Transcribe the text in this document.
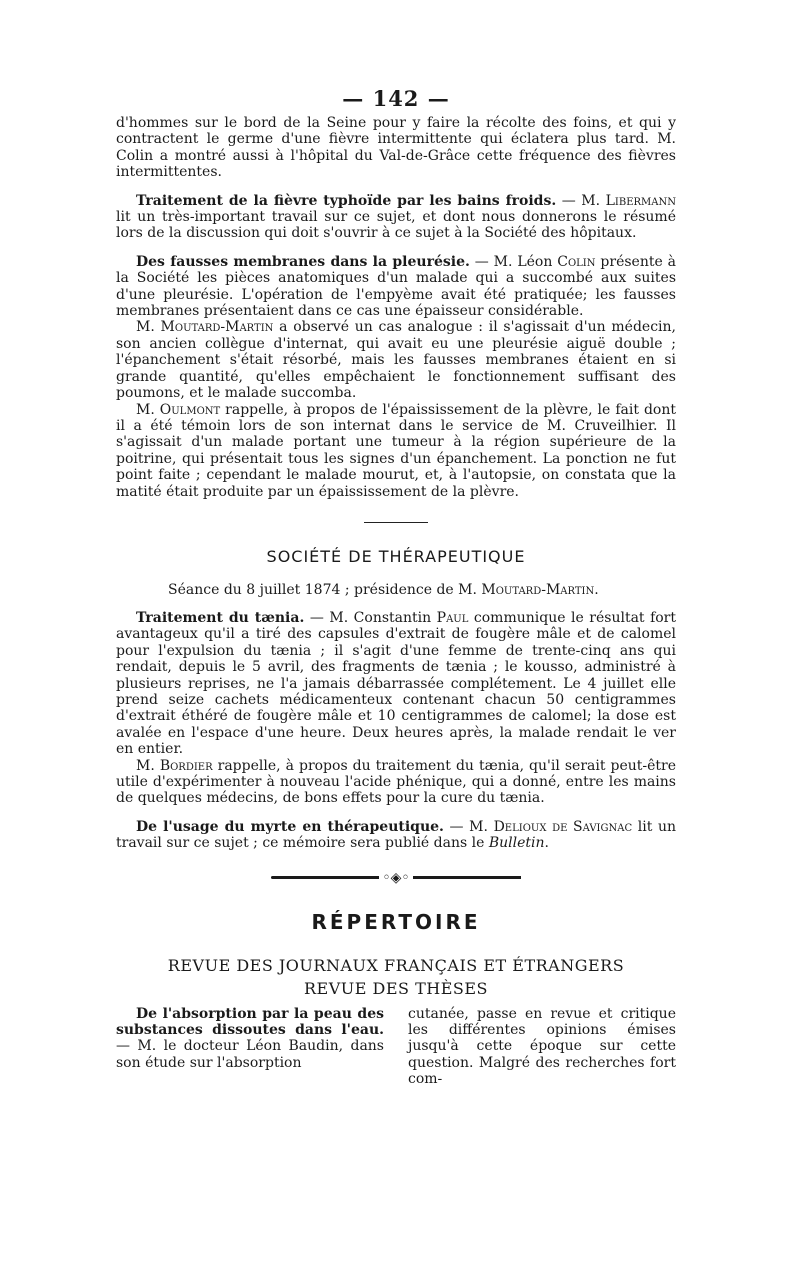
— 142 —

d'hommes sur le bord de la Seine pour y faire la récolte des foins, et qui y contractent le germe d'une fièvre intermittente qui éclatera plus tard. M. Colin a montré aussi à l'hôpital du Val-de-Grâce cette fréquence des fièvres intermittentes.

Traitement de la fièvre typhoïde par les bains froids. — M. Libermann lit un très-important travail sur ce sujet, et dont nous donnerons le résumé lors de la discussion qui doit s'ouvrir à ce sujet à la Société des hôpitaux.

Des fausses membranes dans la pleurésie. — M. Léon Colin présente à la Société les pièces anatomiques d'un malade qui a succombé aux suites d'une pleurésie. L'opération de l'empyème avait été pratiquée; les fausses membranes présentaient dans ce cas une épaisseur considérable.

M. Moutard-Martin a observé un cas analogue : il s'agissait d'un médecin, son ancien collègue d'internat, qui avait eu une pleurésie aiguë double ; l'épanchement s'était résorbé, mais les fausses membranes étaient en si grande quantité, qu'elles empêchaient le fonctionnement suffisant des poumons, et le malade succomba.

M. Oulmont rappelle, à propos de l'épaississement de la plèvre, le fait dont il a été témoin lors de son internat dans le service de M. Cruveilhier. Il s'agissait d'un malade portant une tumeur à la région supérieure de la poitrine, qui présentait tous les signes d'un épanchement. La ponction ne fut point faite ; cependant le malade mourut, et, à l'autopsie, on constata que la matité était produite par un épaississement de la plèvre.

SOCIÉTÉ DE THÉRAPEUTIQUE
Séance du 8 juillet 1874 ; présidence de M. Moutard-Martin.

Traitement du tænia. — M. Constantin Paul communique le résultat fort avantageux qu'il a tiré des capsules d'extrait de fougère mâle et de calomel pour l'expulsion du tænia ; il s'agit d'une femme de trente-cinq ans qui rendait, depuis le 5 avril, des fragments de tænia ; le kousso, administré à plusieurs reprises, ne l'a jamais débarrassée complétement. Le 4 juillet elle prend seize cachets médicamenteux contenant chacun 50 centigrammes d'extrait éthéré de fougère mâle et 10 centigrammes de calomel; la dose est avalée en l'espace d'une heure. Deux heures après, la malade rendait le ver en entier.

M. Bordier rappelle, à propos du traitement du tænia, qu'il serait peut-être utile d'expérimenter à nouveau l'acide phénique, qui a donné, entre les mains de quelques médecins, de bons effets pour la cure du tænia.

De l'usage du myrte en thérapeutique. — M. Delioux de Savignac lit un travail sur ce sujet ; ce mémoire sera publié dans le Bulletin.

◦◈◦
RÉPERTOIRE
REVUE DES JOURNAUX FRANÇAIS ET ÉTRANGERS
REVUE DES THÈSES

De l'absorption par la peau des substances dissoutes dans l'eau. — M. le docteur Léon Baudin, dans son étude sur l'absorption

cutanée, passe en revue et critique les différentes opinions émises jusqu'à cette époque sur cette question. Malgré des recherches fort com-
